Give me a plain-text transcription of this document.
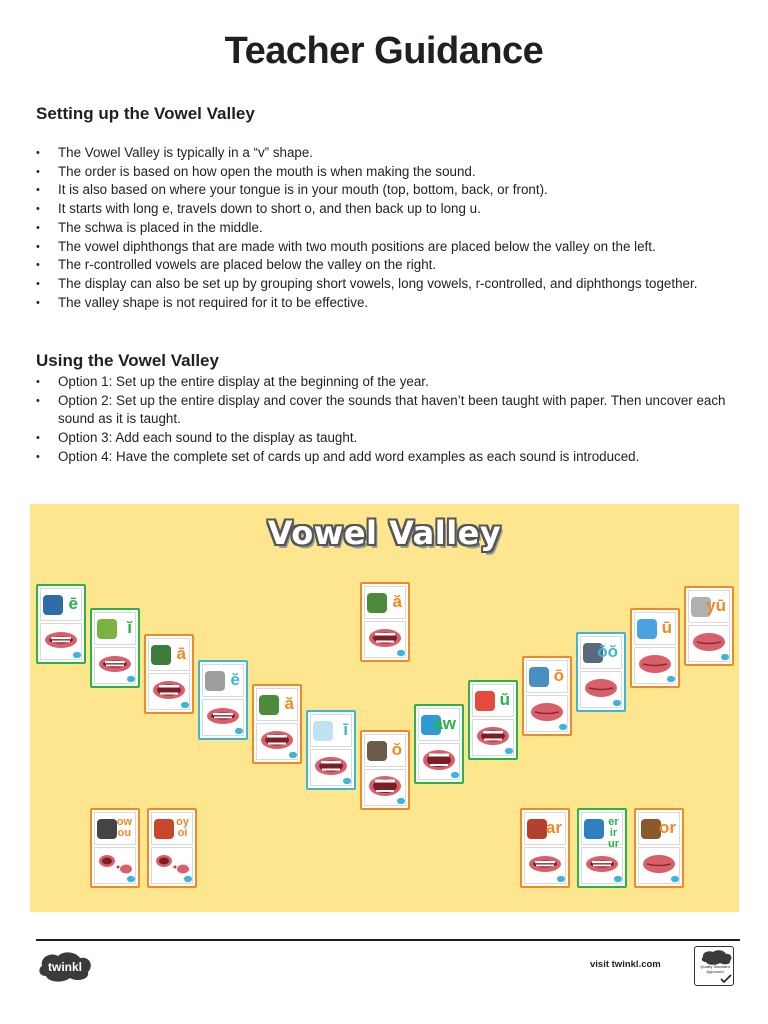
Teacher Guidance
Setting up the Vowel Valley
• The Vowel Valley is typically in a “v” shape.
• The order is based on how open the mouth is when making the sound.
• It is also based on where your tongue is in your mouth (top, bottom, back, or front).
• It starts with long e, travels down to short o, and then back up to long u.
• The schwa is placed in the middle.
• The vowel diphthongs that are made with two mouth positions are placed below the valley on the left.
• The r-controlled vowels are placed below the valley on the right.
• The display can also be set up by grouping short vowels, long vowels, r-controlled, and diphthongs together.
• The valley shape is not required for it to be effective.
Using the Vowel Valley
• Option 1: Set up the entire display at the beginning of the year.
• Option 2: Set up the entire display and cover the sounds that haven’t been taught with paper. Then uncover each sound as it is taught.
• Option 3: Add each sound to the display as taught.
• Option 4: Have the complete set of cards up and add word examples as each sound is introduced.
Vowel Valley
ē
ĭ
ā
ĕ
ă
ī
ŏ
ă
aw
ŭ
ō
ŏŏ
ū
yū
ow
ou
oy
oi	ar	er
ir
ur
or
twinkl	visit twinkl.com	Quality Standard Approved
